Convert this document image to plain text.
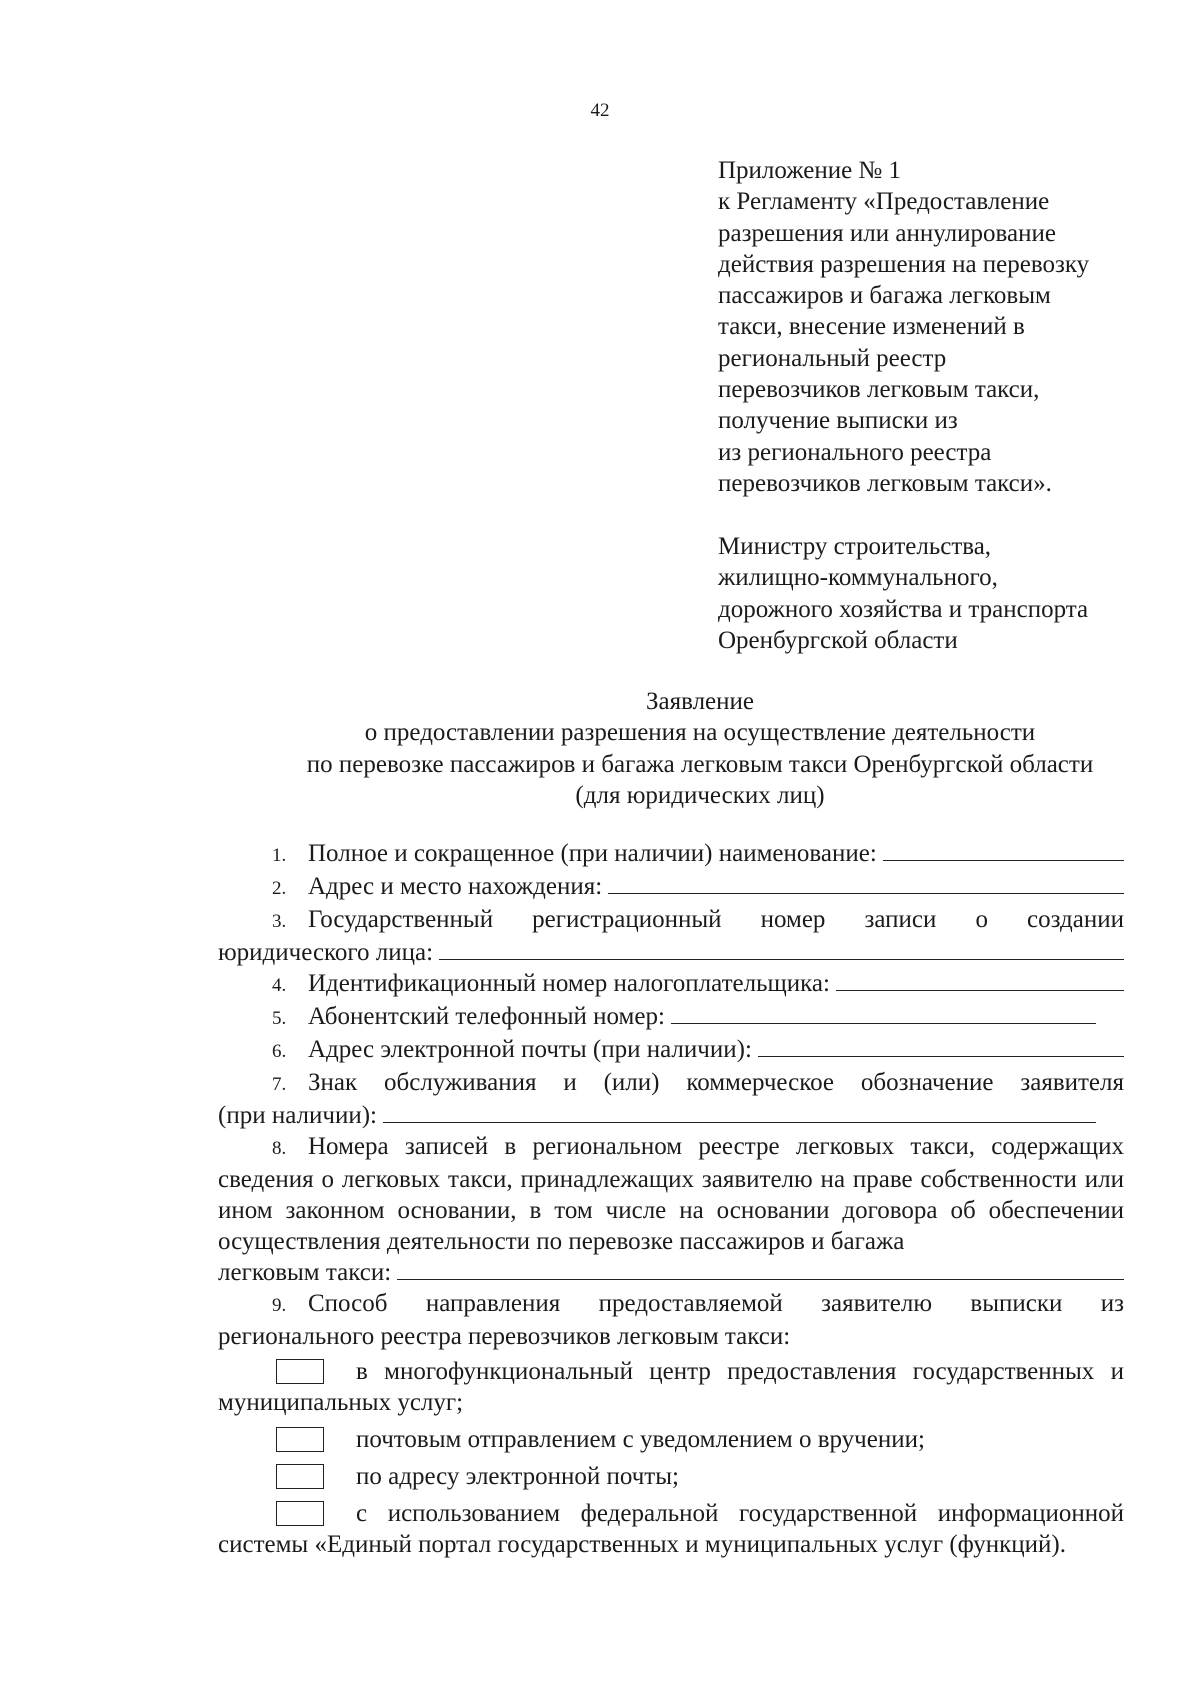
42
Приложение № 1
к Регламенту «Предоставление
разрешения или аннулирование
действия разрешения на перевозку
пассажиров и багажа легковым
такси, внесение изменений в
региональный реестр
перевозчиков легковым такси,
получение выписки из
из регионального реестра
перевозчиков легковым такси».
Министру строительства,
жилищно-коммунального,
дорожного хозяйства и транспорта
Оренбургской области
Заявление
о предоставлении разрешения на осуществление деятельности
по перевозке пассажиров и багажа легковым такси Оренбургской области
(для юридических лиц)
1. Полное и сокращенное (при наличии) наименование:
2. Адрес и место нахождения:
3. Государственный регистрационный номер записи о создании
юридического лица:
4. Идентификационный номер налогоплательщика:
5. Абонентский телефонный номер:
6. Адрес электронной почты (при наличии):
7. Знак обслуживания и (или) коммерческое обозначение заявителя
(при наличии):

8. Номера записей в региональном реестре легковых такси, содержащих сведения о легковых такси, принадлежащих заявителю на праве собственности или ином законном основании, в том числе на основании договора об обеспечении осуществления деятельности по перевозке пассажиров и багажа

легковым такси:

9. Способ направления предоставляемой заявителю выписки из регионального реестра перевозчиков легковым такси:

в многофункциональный центр предоставления государственных и муниципальных услуг;
почтовым отправлением с уведомлением о вручении;
по адресу электронной почты;
с использованием федеральной государственной информационной системы «Единый портал государственных и муниципальных услуг (функций).
